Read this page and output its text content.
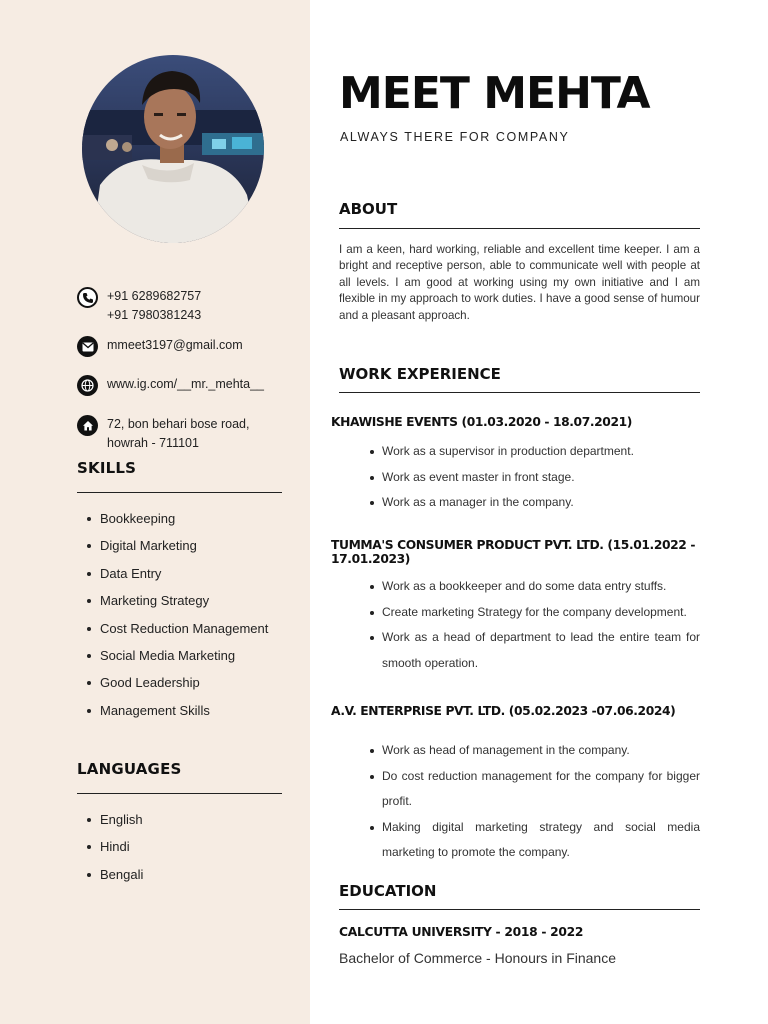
+91 6289682757
+91 7980381243
mmeet3197@gmail.com
www.ig.com/__mr._mehta__
72, bon behari bose road,
howrah - 711101
SKILLS
Bookkeeping
Digital Marketing
Data Entry
Marketing Strategy
Cost Reduction Management
Social Media Marketing
Good Leadership
Management Skills
LANGUAGES
English
Hindi
Bengali
MEET MEHTA
ALWAYS THERE FOR COMPANY
ABOUT
I am a keen, hard working, reliable and excellent time keeper. I am a bright and receptive person, able to communicate well with people at all levels. I am good at working using my own initiative and I am flexible in my approach to work duties. I have a good sense of humour and a pleasant approach.
WORK EXPERIENCE
KHAWISHE EVENTS (01.03.2020 - 18.07.2021)
Work as a supervisor in production department.
Work as event master in front stage.
Work as a manager in the company.
TUMMA'S CONSUMER PRODUCT PVT. LTD. (15.01.2022 - 17.01.2023)
Work as a bookkeeper and do some data entry stuffs.
Create marketing Strategy for the company development.
Work as a head of department to lead the entire team for smooth operation.
A.V. ENTERPRISE PVT. LTD. (05.02.2023 -07.06.2024)
Work as head of management in the company.
Do cost reduction management for the company for bigger profit.
Making digital marketing strategy and social media marketing to promote the company.
EDUCATION
CALCUTTA UNIVERSITY - 2018 - 2022
Bachelor of Commerce - Honours in Finance
